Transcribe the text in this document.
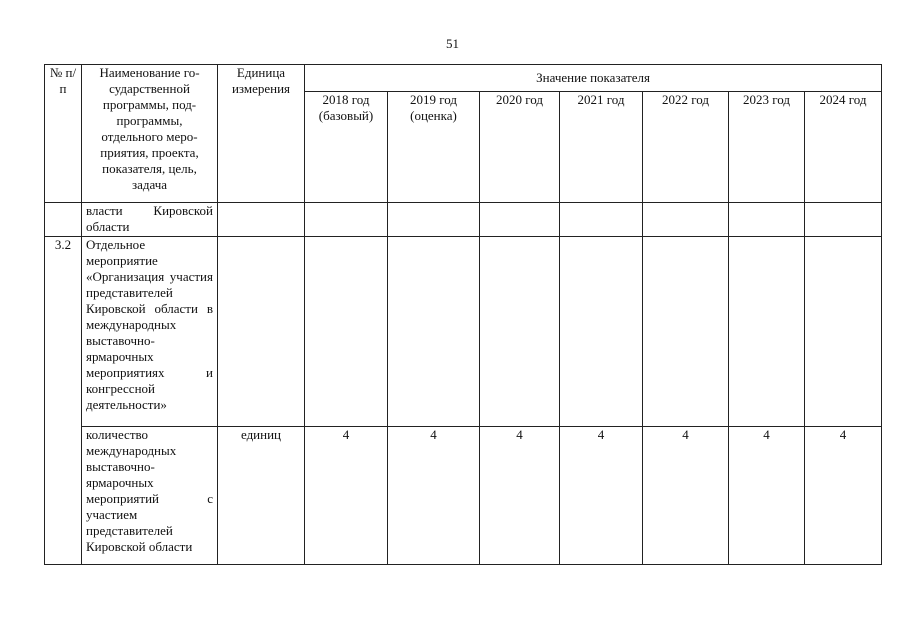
51
№ п/п	Наименование го-сударственной программы, под-программы, отдельного меро-приятия, проекта, показателя, цель, задача	Единица измерения	Значение показателя						
			2018 год (базовый)	2019 год (оценка)	2020 год	2021 год	2022 год	2023 год	2024 год
	власти Кировской области								
3.2	Отдельное мероприятие «Организация участия представителей Кировской области в международных выставочно-ярмарочных мероприятиях и конгрессной деятельности»								
	количество международных выставочно-ярмарочных мероприятий с участием представителей Кировской области	единиц	4	4	4	4	4	4	4
